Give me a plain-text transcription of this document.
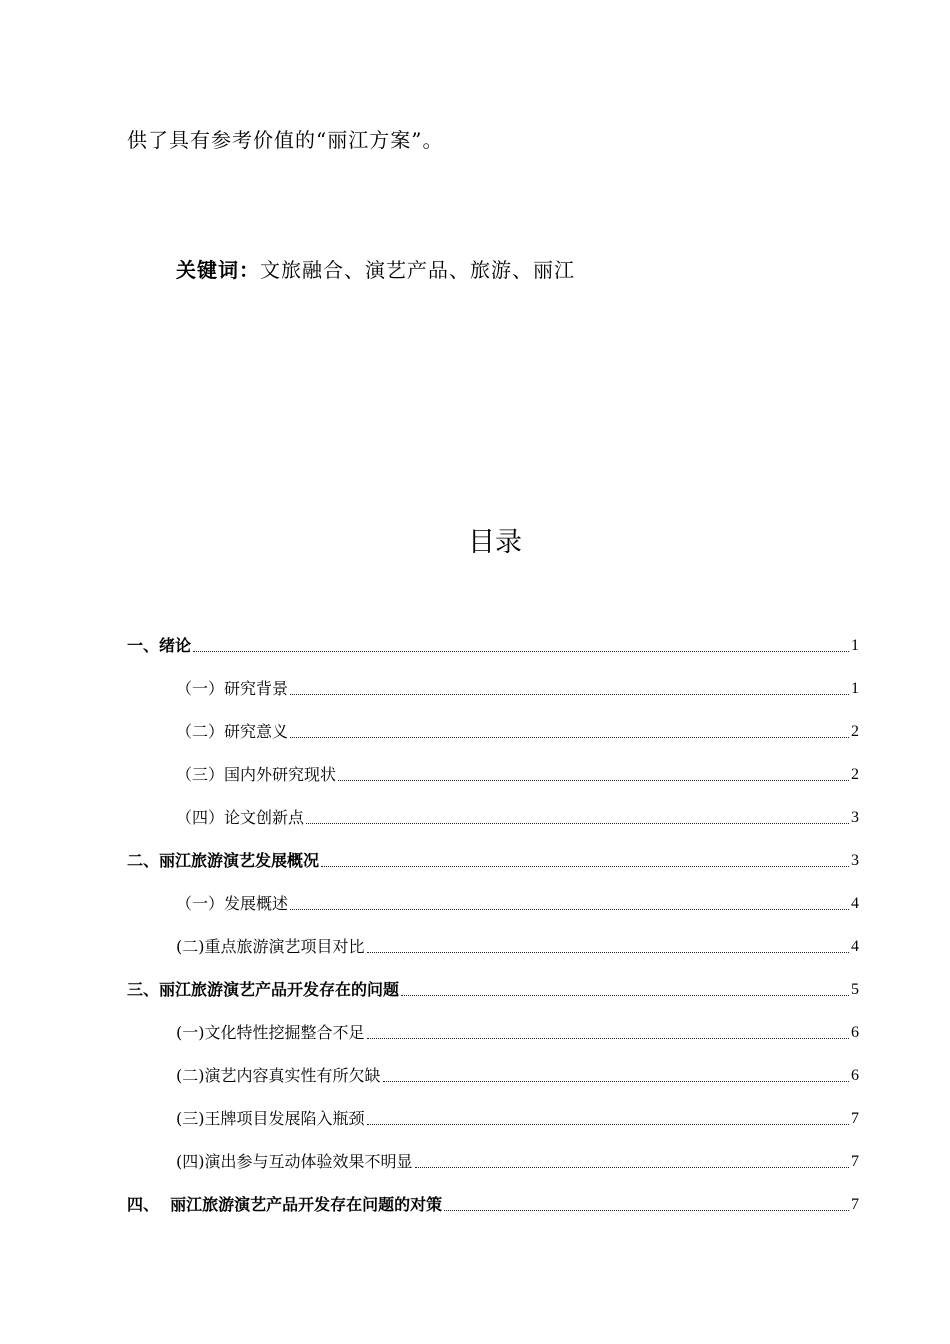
供了具有参考价值的“丽江方案”。
关键词：文旅融合、演艺产品、旅游、丽江
目录
一、绪论	1
（一）研究背景	1
（二）研究意义	2
（三）国内外研究现状	2
（四）论文创新点	3
二、丽江旅游演艺发展概况	3
（一）发展概述	4
(二)重点旅游演艺项目对比	4
三、丽江旅游演艺产品开发存在的问题	5
(一)文化特性挖掘整合不足	6
(二)演艺内容真实性有所欠缺	6
(三)王牌项目发展陷入瓶颈	7
(四)演出参与互动体验效果不明显	7
四、  丽江旅游演艺产品开发存在问题的对策	7
